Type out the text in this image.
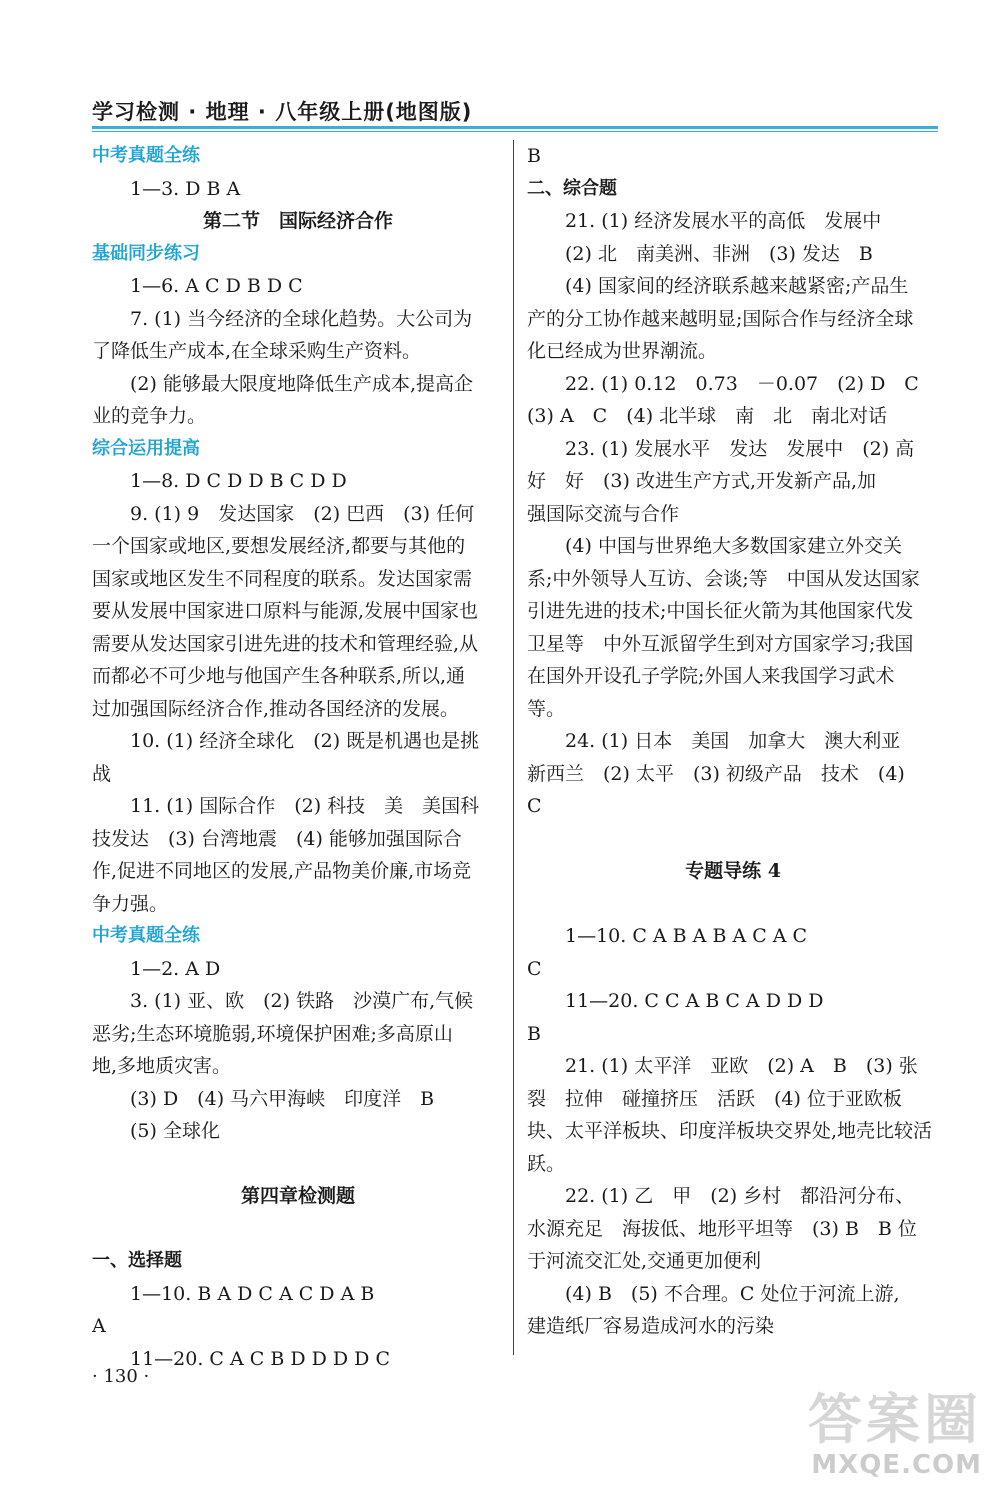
学习检测 · 地理 · 八年级上册(地图版)
中考真题全练
1—3. D B A
第二节　国际经济合作
基础同步练习
1—6. A C D B D C
7. (1) 当今经济的全球化趋势。大公司为
了降低生产成本,在全球采购生产资料。
(2) 能够最大限度地降低生产成本,提高企
业的竞争力。
综合运用提高
1—8. D C D D B C D D
9. (1) 9　发达国家　(2) 巴西　(3) 任何
一个国家或地区,要想发展经济,都要与其他的
国家或地区发生不同程度的联系。发达国家需
要从发展中国家进口原料与能源,发展中国家也
需要从发达国家引进先进的技术和管理经验,从
而都必不可少地与他国产生各种联系,所以,通
过加强国际经济合作,推动各国经济的发展。
10. (1) 经济全球化　(2) 既是机遇也是挑
战
11. (1) 国际合作　(2) 科技　美　美国科
技发达　(3) 台湾地震　(4) 能够加强国际合
作,促进不同地区的发展,产品物美价廉,市场竞
争力强。
中考真题全练
1—2. A D
3. (1) 亚、欧　(2) 铁路　沙漠广布,气候
恶劣;生态环境脆弱,环境保护困难;多高原山
地,多地质灾害。
(3) D　(4) 马六甲海峡　印度洋　B
(5) 全球化
第四章检测题
一、选择题
1—10. B A D C A C D A B
A
11—20. C A C B D D D D C
B
二、综合题
21. (1) 经济发展水平的高低　发展中
(2) 北　南美洲、非洲　(3) 发达　B
(4) 国家间的经济联系越来越紧密;产品生
产的分工协作越来越明显;国际合作与经济全球
化已经成为世界潮流。
22. (1) 0.12　0.73　－0.07　(2) D　C
(3) A　C　(4) 北半球　南　北　南北对话
23. (1) 发展水平　发达　发展中　(2) 高
好　好　(3) 改进生产方式,开发新产品,加
强国际交流与合作
(4) 中国与世界绝大多数国家建立外交关
系;中外领导人互访、会谈;等　中国从发达国家
引进先进的技术;中国长征火箭为其他国家代发
卫星等　中外互派留学生到对方国家学习;我国
在国外开设孔子学院;外国人来我国学习武术
等。
24. (1) 日本　美国　加拿大　澳大利亚
新西兰　(2) 太平　(3) 初级产品　技术　(4)
C
专题导练 4
1—10. C A B A B A C A C
C
11—20. C C A B C A D D D
B
21. (1) 太平洋　亚欧　(2) A　B　(3) 张
裂　拉伸　碰撞挤压　活跃　(4) 位于亚欧板
块、太平洋板块、印度洋板块交界处,地壳比较活
跃。
22. (1) 乙　甲　(2) 乡村　都沿河分布、
水源充足　海拔低、地形平坦等　(3) B　B 位
于河流交汇处,交通更加便利
(4) B　(5) 不合理。C 处位于河流上游,
建造纸厂容易造成河水的污染
· 130 ·
答案圈
MXQE.COM
